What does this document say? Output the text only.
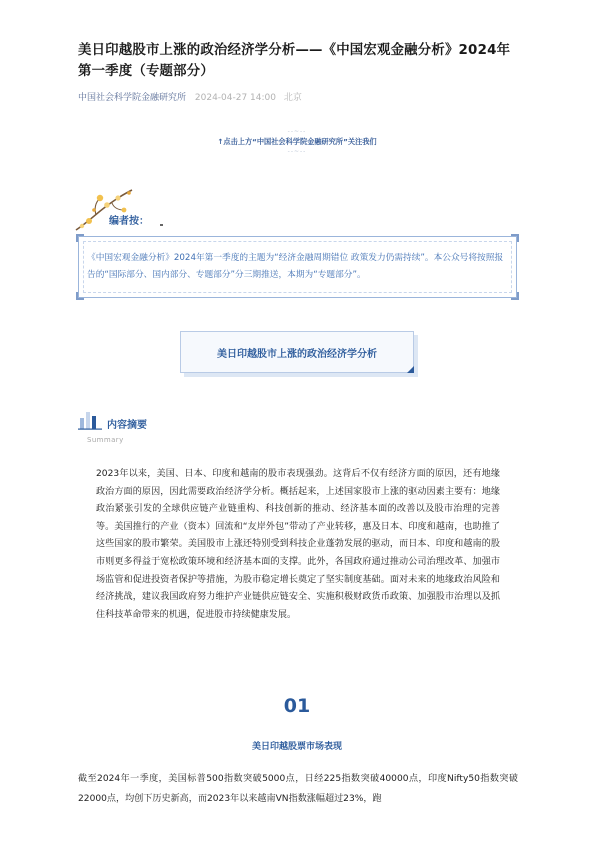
美日印越股市上涨的政治经济学分析——《中国宏观金融分析》2024年第一季度（专题部分）
中国社会科学院金融研究所 2024-04-27 14:00 北京
--~--
↑点击上方“中国社会科学院金融研究所”关注我们
--~--
编者按：
《中国宏观金融分析》2024年第一季度的主题为“经济金融周期错位 政策发力仍需持续”。本公众号将按照报告的“国际部分、国内部分、专题部分”分三期推送，本期为“专题部分”。
美日印越股市上涨的政治经济学分析
内容摘要
Summary
2023年以来，美国、日本、印度和越南的股市表现强劲。这背后不仅有经济方面的原因，还有地缘政治方面的原因，因此需要政治经济学分析。概括起来，上述国家股市上涨的驱动因素主要有：地缘政治紧张引发的全球供应链产业链重构、科技创新的推动、经济基本面的改善以及股市治理的完善等。美国推行的产业（资本）回流和“友岸外包”带动了产业转移，惠及日本、印度和越南，也助推了这些国家的股市繁荣。美国股市上涨还特别受到科技企业蓬勃发展的驱动，而日本、印度和越南的股市则更多得益于宽松政策环境和经济基本面的支撑。此外，各国政府通过推动公司治理改革、加强市场监管和促进投资者保护等措施，为股市稳定增长奠定了坚实制度基础。面对未来的地缘政治风险和经济挑战，建议我国政府努力维护产业链供应链安全、实施积极财政货币政策、加强股市治理以及抓住科技革命带来的机遇，促进股市持续健康发展。
01
美日印越股票市场表现
截至2024年一季度，美国标普500指数突破5000点，日经225指数突破40000点，印度Nifty50指数突破22000点，均创下历史新高，而2023年以来越南VN指数涨幅超过23%，跑
